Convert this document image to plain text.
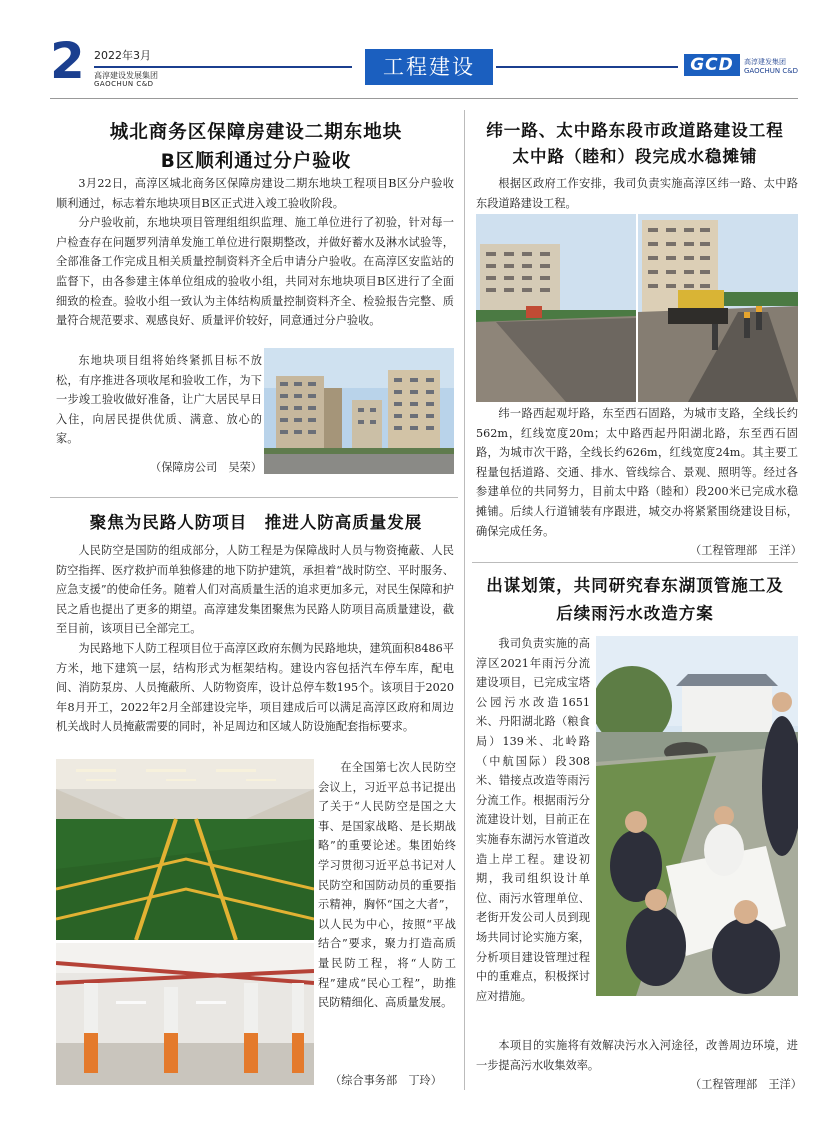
2 2022年3月
高淳建设发展集团
GAOCHUN C&D
工程建设	GCD	高淳建发集团
GAOCHUN C&D
城北商务区保障房建设二期东地块
B区顺利通过分户验收

3月22日，高淳区城北商务区保障房建设二期东地块工程项目B区分户验收顺利通过，标志着东地块项目B区正式进入竣工验收阶段。

分户验收前，东地块项目管理组组织监理、施工单位进行了初验，针对每一户检查存在问题罗列清单发施工单位进行限期整改，并做好蓄水及淋水试验等，全部准备工作完成且相关质量控制资料齐全后申请分户验收。在高淳区安监站的监督下，由各参建主体单位组成的验收小组，共同对东地块项目B区进行了全面细致的检查。验收小组一致认为主体结构质量控制资料齐全、检验报告完整、质量符合规范要求、观感良好、质量评价较好，同意通过分户验收。

东地块项目组将始终紧抓目标不放松，有序推进各项收尾和验收工作，为下一步竣工验收做好准备，让广大居民早日入住，向居民提供优质、满意、放心的家。

（保障房公司　吴荣）
聚焦为民路人防项目　推进人防高质量发展

人民防空是国防的组成部分，人防工程是为保障战时人员与物资掩蔽、人民防空指挥、医疗救护而单独修建的地下防护建筑，承担着“战时防空、平时服务、应急支援”的使命任务。随着人们对高质量生活的追求更加多元，对民生保障和护民之盾也提出了更多的期望。高淳建发集团聚焦为民路人防项目高质量建设，截至目前，该项目已全部完工。

为民路地下人防工程项目位于高淳区政府东侧为民路地块，建筑面积8486平方米，地下建筑一层，结构形式为框架结构。建设内容包括汽车停车库，配电间、消防泵房、人员掩蔽所、人防物资库，设计总停车数195个。该项目于2020年8月开工，2022年2月全部建设完毕，项目建成后可以满足高淳区政府和周边机关战时人员掩蔽需要的同时，补足周边和区域人防设施配套指标要求。

在全国第七次人民防空会议上，习近平总书记提出了关于“人民防空是国之大事、是国家战略、是长期战略”的重要论述。集团始终学习贯彻习近平总书记对人民防空和国防动员的重要指示精神，胸怀“国之大者”，以人民为中心，按照“平战结合”要求，聚力打造高质量民防工程，将“人防工程”建成“民心工程”，助推民防精细化、高质量发展。

（综合事务部　丁玲）
纬一路、太中路东段市政道路建设工程
太中路（睦和）段完成水稳摊铺

根据区政府工作安排，我司负责实施高淳区纬一路、太中路东段道路建设工程。

纬一路西起观圩路，东至西石固路，为城市支路，全线长约562m，红线宽度20m；太中路西起丹阳湖北路，东至西石固路，为城市次干路，全线长约626m，红线宽度24m。其主要工程量包括道路、交通、排水、管线综合、景观、照明等。经过各参建单位的共同努力，目前太中路（睦和）段200米已完成水稳摊铺。后续人行道铺装有序跟进，城交办将紧紧围绕建设目标，确保完成任务。

（工程管理部　王洋）
出谋划策，共同研究春东湖顶管施工及
后续雨污水改造方案

我司负责实施的高淳区2021年雨污分流建设项目，已完成宝塔公园污水改造1651米、丹阳湖北路（粮食局）139米、北岭路（中航国际）段308米、错接点改造等雨污分流工作。根据雨污分流建设计划，目前正在实施春东湖污水管道改造上岸工程。建设初期，我司组织设计单位、雨污水管理单位、老街开发公司人员到现场共同讨论实施方案，分析项目建设管理过程中的重难点，积极探讨应对措施。

本项目的实施将有效解决污水入河途径，改善周边环境，进一步提高污水收集效率。

（工程管理部　王洋）
